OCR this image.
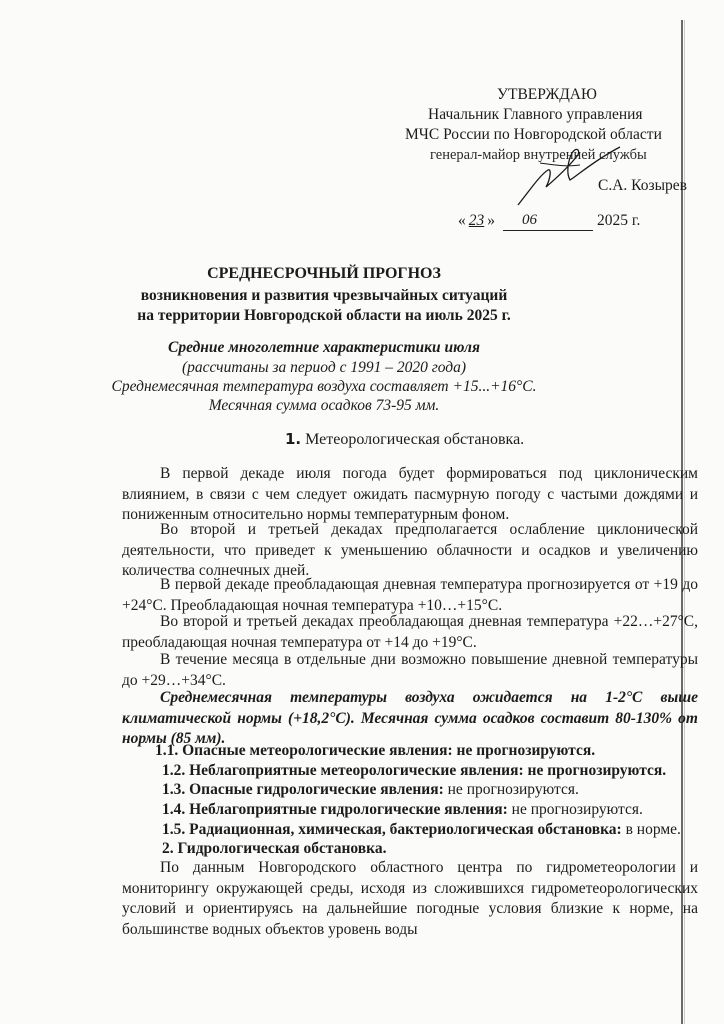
УТВЕРЖДАЮ
Начальник Главного управления
МЧС России по Новгородской области
генерал-майор внутренней службы
С.А. Козырев
« 23 » 06	2025 г.
СРЕДНЕСРОЧНЫЙ ПРОГНОЗ
возникновения и развития чрезвычайных ситуаций
на территории Новгородской области на июль 2025 г.
Средние многолетние характеристики июля
(рассчитаны за период с 1991 – 2020 года)
Среднемесячная температура воздуха составляет +15...+16°С.
Месячная сумма осадков 73-95 мм.
1. Метеорологическая обстановка.
В первой декаде июля погода будет формироваться под циклоническим влиянием, в связи с чем следует ожидать пасмурную погоду с частыми дождями и пониженным относительно нормы температурным фоном.
Во второй и третьей декадах предполагается ослабление циклонической деятельности, что приведет к уменьшению облачности и осадков и увеличению количества солнечных дней.
В первой декаде преобладающая дневная температура прогнозируется от +19 до +24°С. Преобладающая ночная температура +10…+15°С.
Во второй и третьей декадах преобладающая дневная температура +22…+27°С, преобладающая ночная температура от +14 до +19°С.
В течение месяца в отдельные дни возможно повышение дневной температуры до +29…+34°С.
Среднемесячная температуры воздуха ожидается на 1-2°С выше климатической нормы (+18,2°С). Месячная сумма осадков составит 80-130% от нормы (85 мм).
1.1. Опасные метеорологические явления: не прогнозируются.
1.2. Неблагоприятные метеорологические явления: не прогнозируются.
1.3. Опасные гидрологические явления: не прогнозируются.
1.4. Неблагоприятные гидрологические явления: не прогнозируются.
1.5. Радиационная, химическая, бактериологическая обстановка: в норме.
2. Гидрологическая обстановка.
По данным Новгородского областного центра по гидрометеорологии и мониторингу окружающей среды, исходя из сложившихся гидрометеорологических условий и ориентируясь на дальнейшие погодные условия близкие к норме, на большинстве водных объектов уровень воды
